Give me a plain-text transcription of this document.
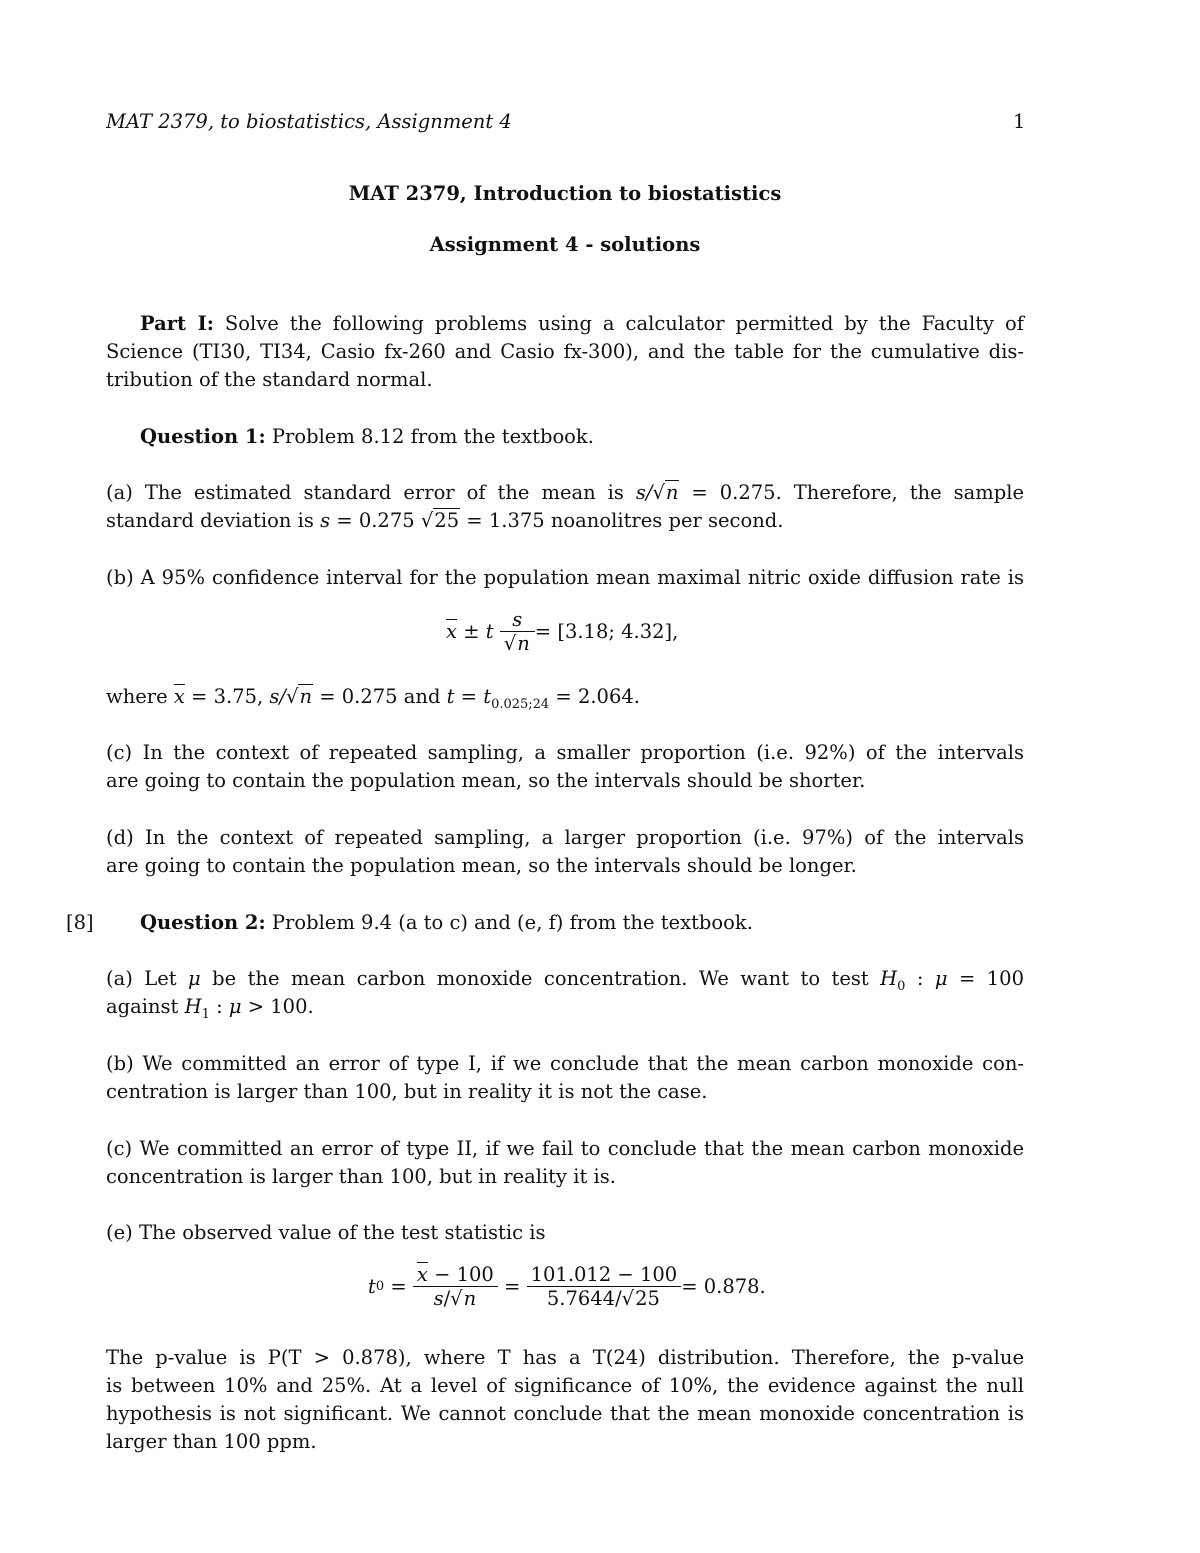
MAT 2379, to biostatistics, Assignment 4	1
MAT 2379, Introduction to biostatistics
Assignment 4 - solutions
Part I: Solve the following problems using a calculator permitted by the Faculty of
Science (TI30, TI34, Casio fx-260 and Casio fx-300), and the table for the cumulative dis-
tribution of the standard normal.
Question 1: Problem 8.12 from the textbook.
(a) The estimated standard error of the mean is s/√n = 0.275. Therefore, the sample
standard deviation is s = 0.275 √25 = 1.375 noanolitres per second.
(b) A 95% confidence interval for the population mean maximal nitric oxide diffusion rate is
$\overline{x} \pm t$
$\frac{s}{√n} = [3.18$; 4.32],
where $\overline{x} = 3.75$, s/√n = 0.275 and $t = t_{0.025;24} = 2.064$.
(c) In the context of repeated sampling, a smaller proportion (i.e. 92%) of the intervals
are going to contain the population mean, so the intervals should be shorter.
(d) In the context of repeated sampling, a larger proportion (i.e. 97%) of the intervals
are going to contain the population mean, so the intervals should be longer.
[8] Question 2: Problem 9.4 (a to c) and (e, f) from the textbook.
(a) Let μ be the mean carbon monoxide concentration. We want to test $H_0$ : μ = 100
against $H_1$ : μ > 100.
(b) We committed an error of type I, if we conclude that the mean carbon monoxide con-
centration is larger than 100, but in reality it is not the case.
(c) We committed an error of type II, if we fail to conclude that the mean carbon monoxide
concentration is larger than 100, but in reality it is.
(e) The observed value of the test statistic is
t $0 = \frac{\overline{x} - 100}{s/√n} = \frac{101.012 - 100}{5.7644/√25} = 0.878$.
The p-value is P(T > 0.878), where T has a T(24) distribution. Therefore, the p-value
is between 10% and 25%. At a level of significance of 10%, the evidence against the null
hypothesis is not significant. We cannot conclude that the mean monoxide concentration is
larger than 100 ppm.
